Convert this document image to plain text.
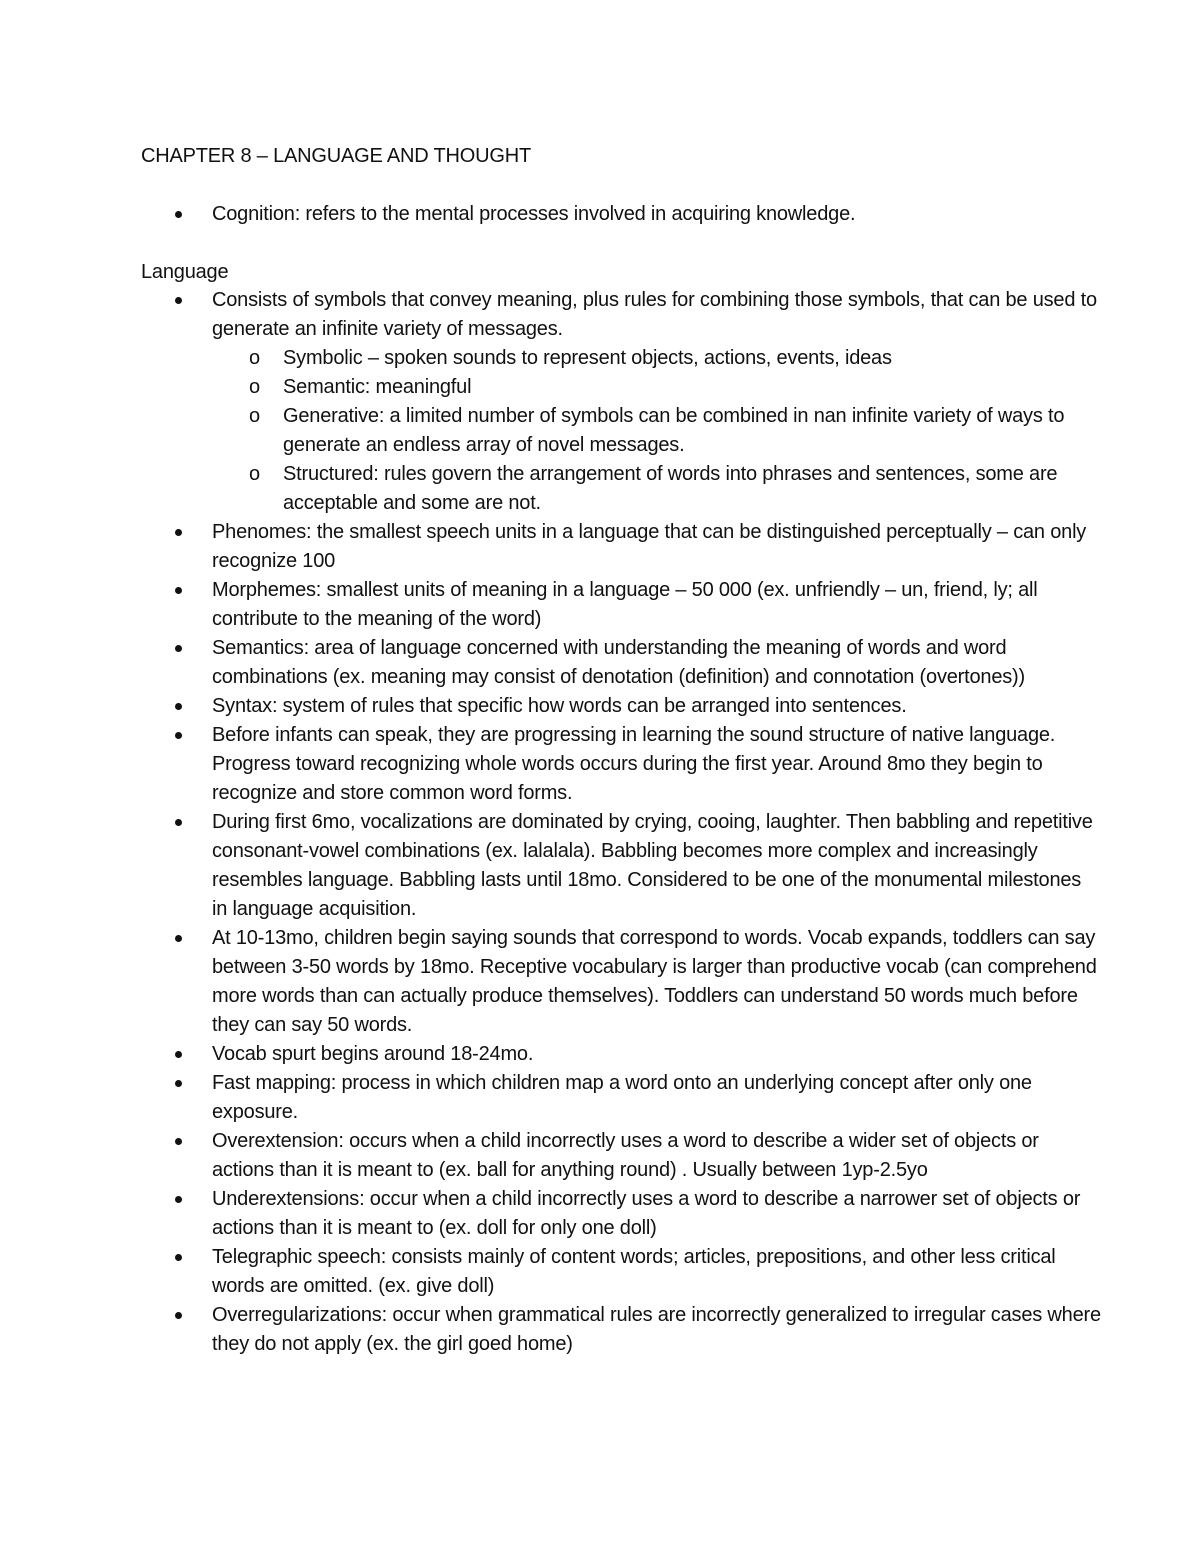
CHAPTER 8 – LANGUAGE AND THOUGHT
Cognition: refers to the mental processes involved in acquiring knowledge.
Language
Consists of symbols that convey meaning, plus rules for combining those symbols, that can be used to generate an infinite variety of messages.
o Symbolic – spoken sounds to represent objects, actions, events, ideas
o Semantic: meaningful
o Generative: a limited number of symbols can be combined in nan infinite variety of ways to generate an endless array of novel messages.
o Structured: rules govern the arrangement of words into phrases and sentences, some are acceptable and some are not.
Phenomes: the smallest speech units in a language that can be distinguished perceptually – can only recognize 100
Morphemes: smallest units of meaning in a language – 50 000 (ex. unfriendly – un, friend, ly; all contribute to the meaning of the word)
Semantics: area of language concerned with understanding the meaning of words and word combinations (ex. meaning may consist of denotation (definition) and connotation (overtones))
Syntax: system of rules that specific how words can be arranged into sentences.
Before infants can speak, they are progressing in learning the sound structure of native language. Progress toward recognizing whole words occurs during the first year. Around 8mo they begin to recognize and store common word forms.
During first 6mo, vocalizations are dominated by crying, cooing, laughter. Then babbling and repetitive consonant-vowel combinations (ex. lalalala). Babbling becomes more complex and increasingly resembles language. Babbling lasts until 18mo. Considered to be one of the monumental milestones in language acquisition.
At 10-13mo, children begin saying sounds that correspond to words. Vocab expands, toddlers can say between 3-50 words by 18mo. Receptive vocabulary is larger than productive vocab (can comprehend more words than can actually produce themselves). Toddlers can understand 50 words much before they can say 50 words.
Vocab spurt begins around 18-24mo.
Fast mapping: process in which children map a word onto an underlying concept after only one exposure.
Overextension: occurs when a child incorrectly uses a word to describe a wider set of objects or actions than it is meant to (ex. ball for anything round) . Usually between 1yp-2.5yo
Underextensions: occur when a child incorrectly uses a word to describe a narrower set of objects or actions than it is meant to (ex. doll for only one doll)
Telegraphic speech: consists mainly of content words; articles, prepositions, and other less critical words are omitted. (ex. give doll)
Overregularizations: occur when grammatical rules are incorrectly generalized to irregular cases where they do not apply (ex. the girl goed home)
